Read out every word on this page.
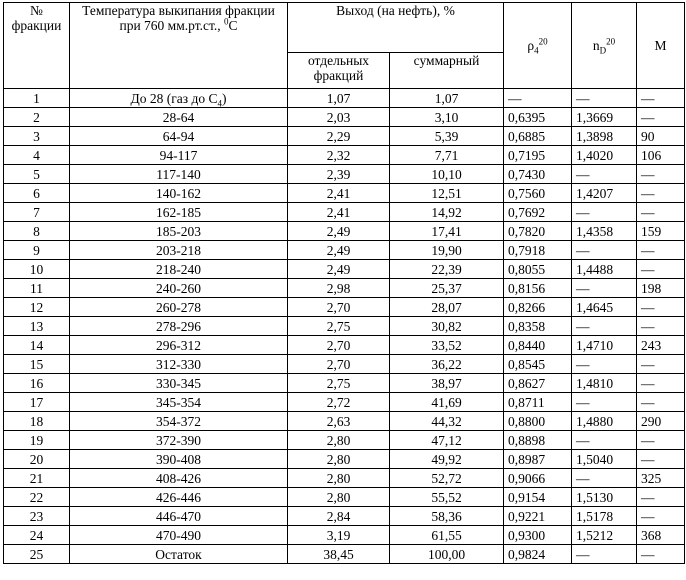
№ фракции	Температура выкипания фракции
при 760 мм.рт.ст., $^0$C	Выход (на нефть), %		$\rho_4^{20}$	$n_D^{20}$	M
		отдельных фракций	суммарный			
1	До 28 (газ до $С_4$)	1,07	1,07	—	—	—
2	28-64	2,03	3,10	0,6395	1,3669	—
3	64-94	2,29	5,39	0,6885	1,3898	90
4	94-117	2,32	7,71	0,7195	1,4020	106
5	117-140	2,39	10,10	0,7430	—	—
6	140-162	2,41	12,51	0,7560	1,4207	—
7	162-185	2,41	14,92	0,7692	—	—
8	185-203	2,49	17,41	0,7820	1,4358	159
9	203-218	2,49	19,90	0,7918	—	—
10	218-240	2,49	22,39	0,8055	1,4488	—
11	240-260	2,98	25,37	0,8156	—	198
12	260-278	2,70	28,07	0,8266	1,4645	—
13	278-296	2,75	30,82	0,8358	—	—
14	296-312	2,70	33,52	0,8440	1,4710	243
15	312-330	2,70	36,22	0,8545	—	—
16	330-345	2,75	38,97	0,8627	1,4810	—
17	345-354	2,72	41,69	0,8711	—	—
18	354-372	2,63	44,32	0,8800	1,4880	290
19	372-390	2,80	47,12	0,8898	—	—
20	390-408	2,80	49,92	0,8987	1,5040	—
21	408-426	2,80	52,72	0,9066	—	325
22	426-446	2,80	55,52	0,9154	1,5130	—
23	446-470	2,84	58,36	0,9221	1,5178	—
24	470-490	3,19	61,55	0,9300	1,5212	368
25	Остаток	38,45	100,00	0,9824	—	—
